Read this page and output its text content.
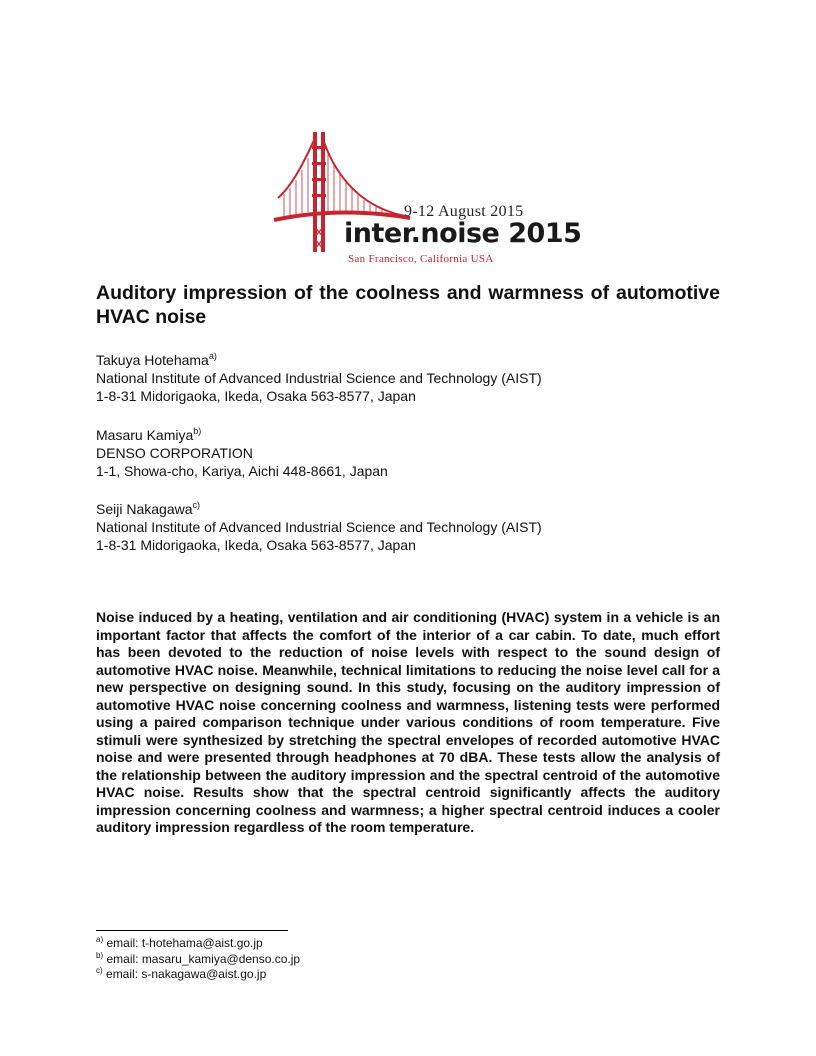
9-12 August 2015
inter.noise 2015
San Francisco, California USA
Auditory impression of the coolness and warmness of automotive HVAC noise
Takuya Hotehama$^{a)}$
National Institute of Advanced Industrial Science and Technology (AIST)
1-8-31 Midorigaoka, Ikeda, Osaka 563-8577, Japan
Masaru Kamiya$^{b)}$
DENSO CORPORATION
1-1, Showa-cho, Kariya, Aichi 448-8661, Japan
Seiji Nakagawa$^{c)}$
National Institute of Advanced Industrial Science and Technology (AIST)
1-8-31 Midorigaoka, Ikeda, Osaka 563-8577, Japan

Noise induced by a heating, ventilation and air conditioning (HVAC) system in a vehicle is an important factor that affects the comfort of the interior of a car cabin. To date, much effort has been devoted to the reduction of noise levels with respect to the sound design of automotive HVAC noise. Meanwhile, technical limitations to reducing the noise level call for a new perspective on designing sound. In this study, focusing on the auditory impression of automotive HVAC noise concerning coolness and warmness, listening tests were performed using a paired comparison technique under various conditions of room temperature. Five stimuli were synthesized by stretching the spectral envelopes of recorded automotive HVAC noise and were presented through headphones at 70 dBA. These tests allow the analysis of the relationship between the auditory impression and the spectral centroid of the automotive HVAC noise. Results show that the spectral centroid significantly affects the auditory impression concerning coolness and warmness; a higher spectral centroid induces a cooler auditory impression regardless of the room temperature.

$^{a)}$ email: t-hotehama@aist.go.jp
$^{b)}$ email: masaru_kamiya@denso.co.jp
$^{c)}$ email: s-nakagawa@aist.go.jp
